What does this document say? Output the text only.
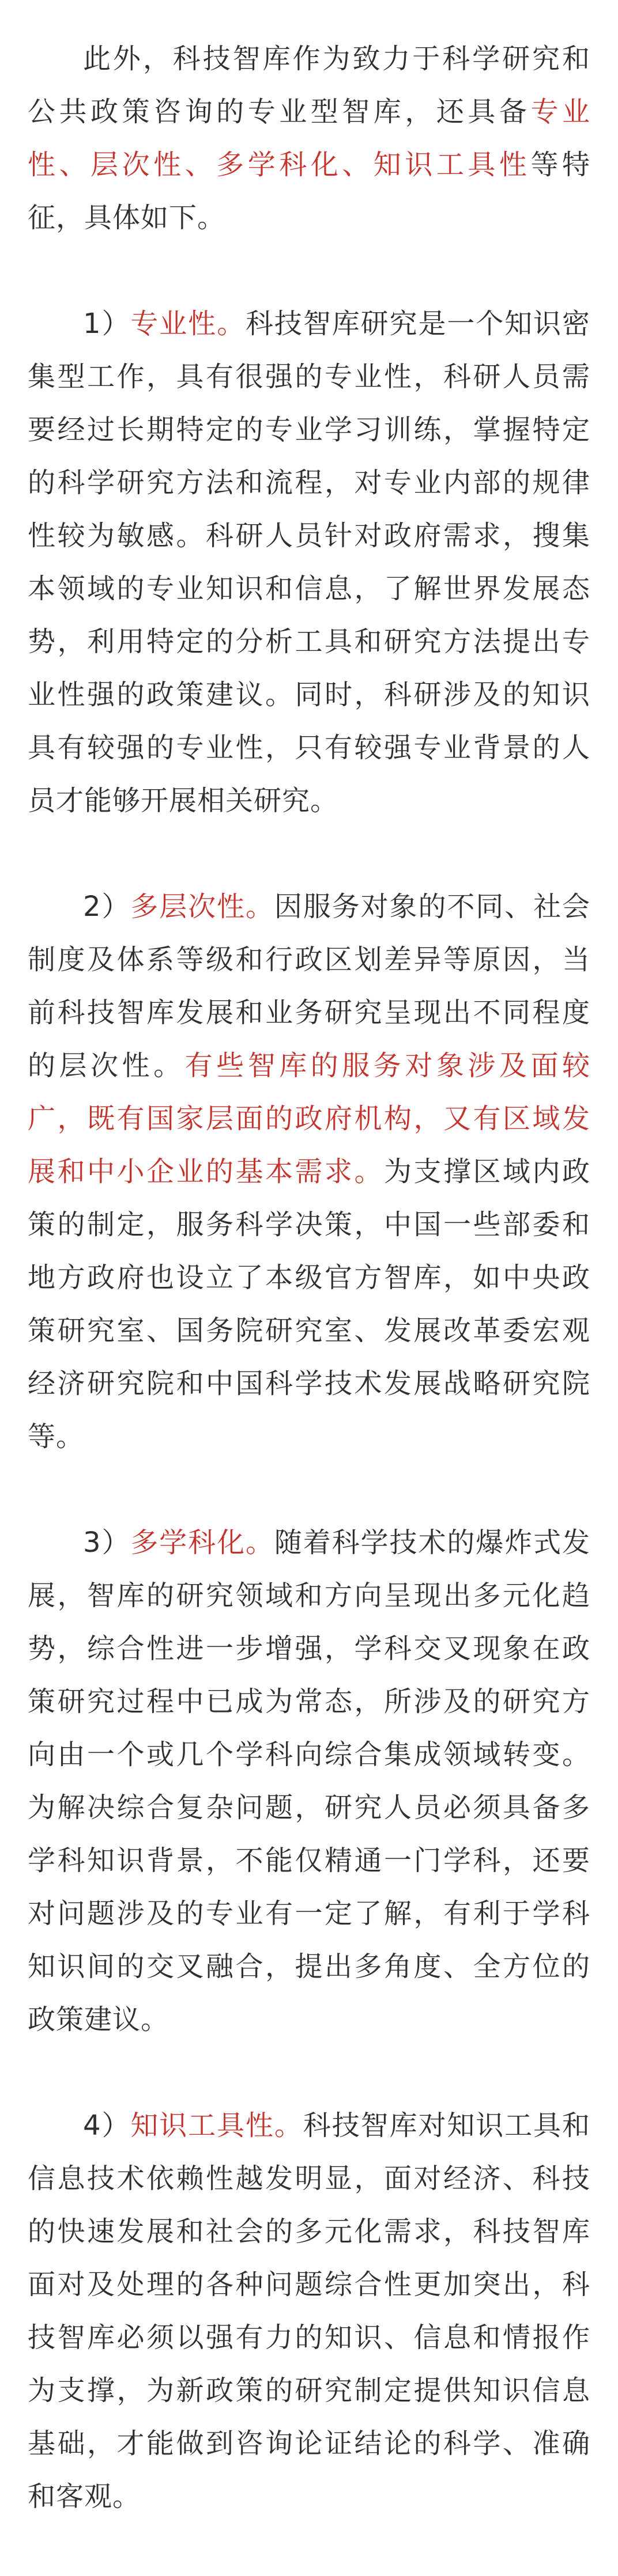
此外，科技智库作为致力于科学研究和公共政策咨询的专业型智库，还具备专业性、层次性、多学科化、知识工具性等特征，具体如下。

1）专业性。科技智库研究是一个知识密集型工作，具有很强的专业性，科研人员需要经过长期特定的专业学习训练，掌握特定的科学研究方法和流程，对专业内部的规律性较为敏感。科研人员针对政府需求，搜集本领域的专业知识和信息，了解世界发展态势，利用特定的分析工具和研究方法提出专业性强的政策建议。同时，科研涉及的知识具有较强的专业性，只有较强专业背景的人员才能够开展相关研究。

2）多层次性。因服务对象的不同、社会制度及体系等级和行政区划差异等原因，当前科技智库发展和业务研究呈现出不同程度的层次性。有些智库的服务对象涉及面较广，既有国家层面的政府机构，又有区域发展和中小企业的基本需求。为支撑区域内政策的制定，服务科学决策，中国一些部委和地方政府也设立了本级官方智库，如中央政策研究室、国务院研究室、发展改革委宏观经济研究院和中国科学技术发展战略研究院等。

3）多学科化。随着科学技术的爆炸式发展，智库的研究领域和方向呈现出多元化趋势，综合性进一步增强，学科交叉现象在政策研究过程中已成为常态，所涉及的研究方向由一个或几个学科向综合集成领域转变。为解决综合复杂问题，研究人员必须具备多学科知识背景，不能仅精通一门学科，还要对问题涉及的专业有一定了解，有利于学科知识间的交叉融合，提出多角度、全方位的政策建议。

4）知识工具性。科技智库对知识工具和信息技术依赖性越发明显，面对经济、科技的快速发展和社会的多元化需求，科技智库面对及处理的各种问题综合性更加突出，科技智库必须以强有力的知识、信息和情报作为支撑，为新政策的研究制定提供知识信息基础，才能做到咨询论证结论的科学、准确和客观。
